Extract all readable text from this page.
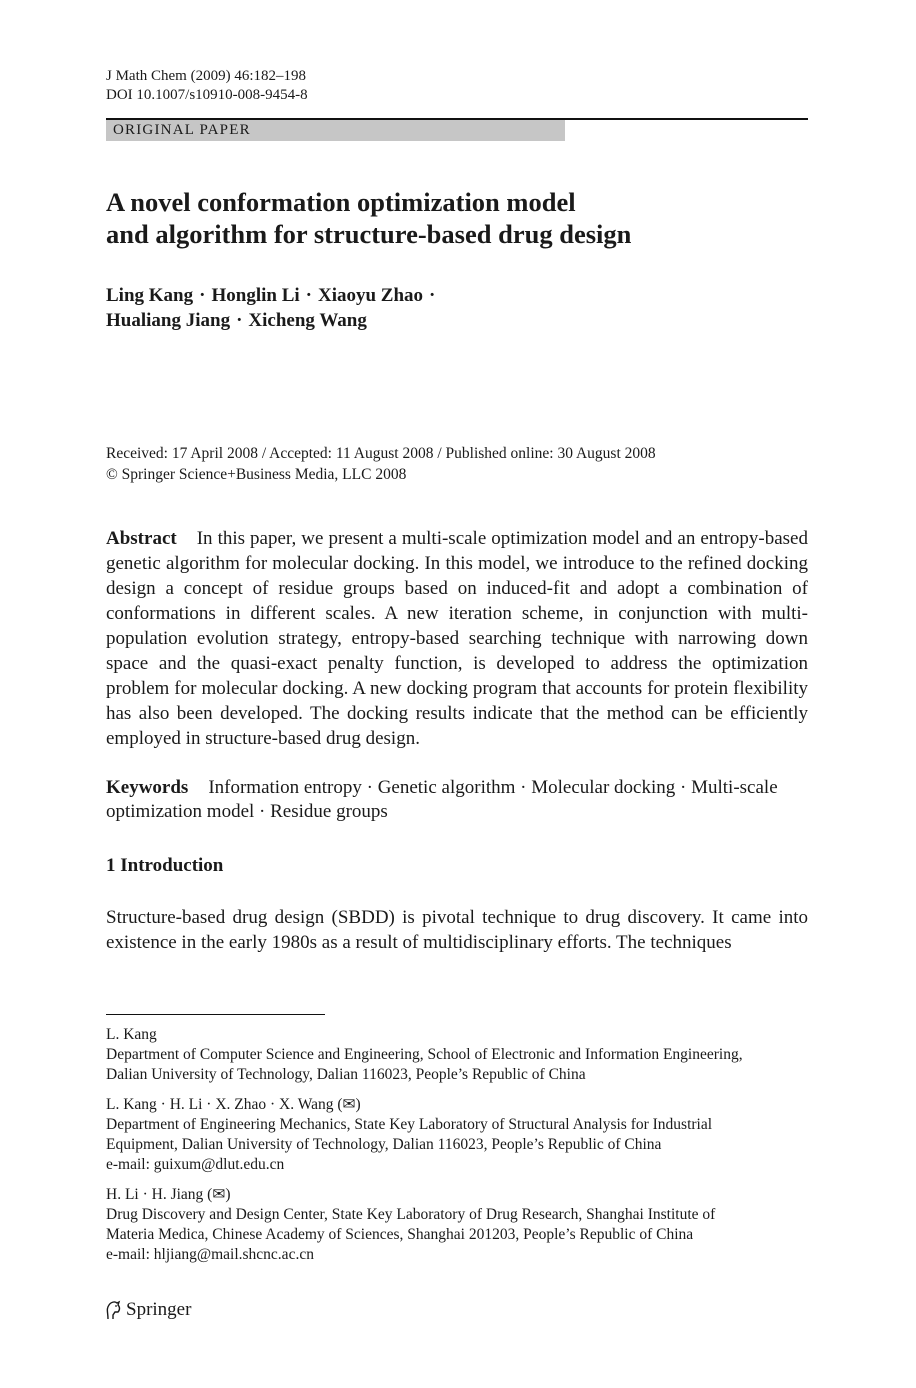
J Math Chem (2009) 46:182–198
DOI 10.1007/s10910-008-9454-8
ORIGINAL PAPER
A novel conformation optimization model
and algorithm for structure-based drug design
Ling Kang · Honglin Li · Xiaoyu Zhao ·
Hualiang Jiang · Xicheng Wang
Received: 17 April 2008 / Accepted: 11 August 2008 / Published online: 30 August 2008
© Springer Science+Business Media, LLC 2008
Abstract In this paper, we present a multi-scale optimization model and an entropy-based genetic algorithm for molecular docking. In this model, we introduce to the refined docking design a concept of residue groups based on induced-fit and adopt a combination of conformations in different scales. A new iteration scheme, in conjunction with multi-population evolution strategy, entropy-based searching technique with narrowing down space and the quasi-exact penalty function, is developed to address the optimization problem for molecular docking. A new docking program that accounts for protein flexibility has also been developed. The docking results indicate that the method can be efficiently employed in structure-based drug design.
Keywords Information entropy · Genetic algorithm · Molecular docking · Multi-scale optimization model · Residue groups
1 Introduction
Structure-based drug design (SBDD) is pivotal technique to drug discovery. It came into existence in the early 1980s as a result of multidisciplinary efforts. The techniques
L. Kang
Department of Computer Science and Engineering, School of Electronic and Information Engineering,
Dalian University of Technology, Dalian 116023, People’s Republic of China
L. Kang · H. Li · X. Zhao · X. Wang (✉)
Department of Engineering Mechanics, State Key Laboratory of Structural Analysis for Industrial
Equipment, Dalian University of Technology, Dalian 116023, People’s Republic of China
e-mail: guixum@dlut.edu.cn
H. Li · H. Jiang (✉)
Drug Discovery and Design Center, State Key Laboratory of Drug Research, Shanghai Institute of
Materia Medica, Chinese Academy of Sciences, Shanghai 201203, People’s Republic of China
e-mail: hljiang@mail.shcnc.ac.cn
Springer
